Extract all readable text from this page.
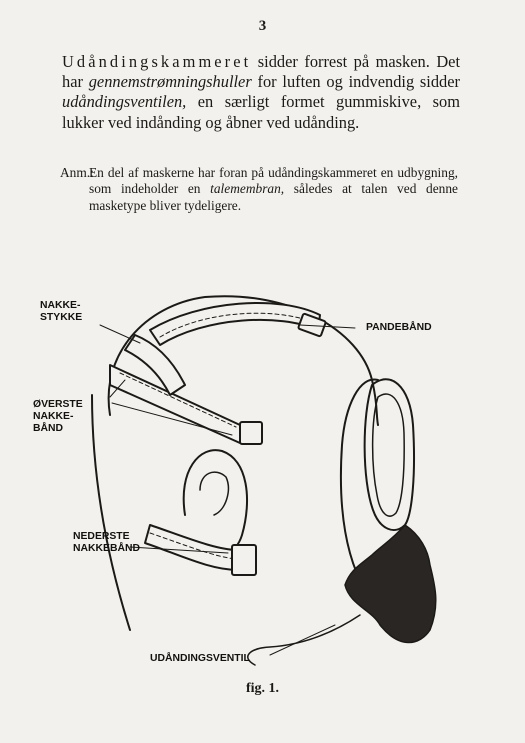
3
Udåndingskammeret sidder forrest på masken. Det har gennemstrømningshuller for luften og indvendig sidder udåndingsventilen, en særligt formet gummiskive, som lukker ved indånding og åbner ved udånding.
Anm.:
En del af maskerne har foran på udåndingskammeret en udbygning, som indeholder en talemembran, således at talen ved denne masketype bliver tydeligere.
NAKKE-
STYKKE
PANDEBÅND
ØVERSTE
NAKKE-
BÅND
NEDERSTE
NAKKEBÅND
UDÅNDINGSVENTIL
fig. 1.
